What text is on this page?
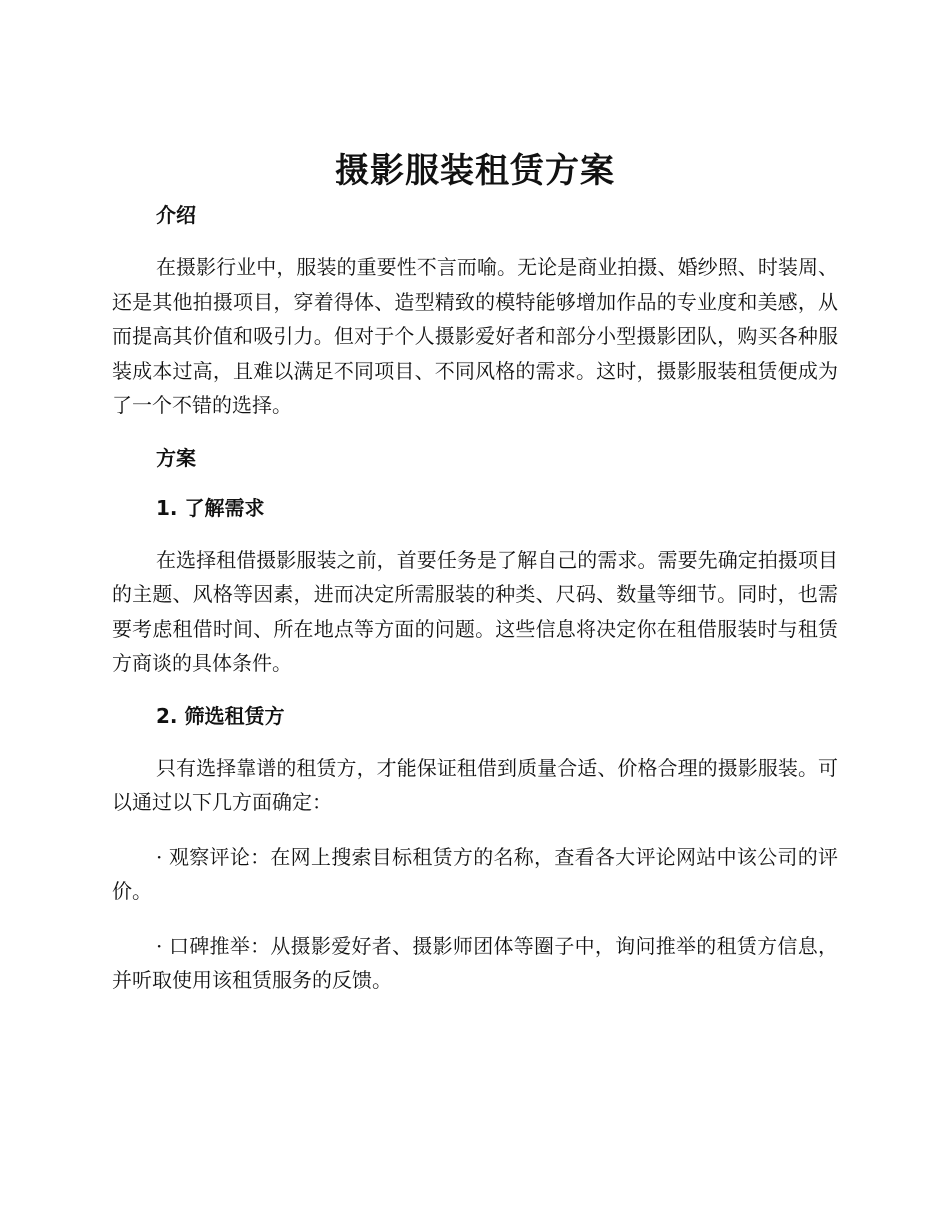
摄影服装租赁方案
介绍

在摄影行业中，服装的重要性不言而喻。无论是商业拍摄、婚纱照、时装周、还是其他拍摄项目，穿着得体、造型精致的模特能够增加作品的专业度和美感，从而提高其价值和吸引力。但对于个人摄影爱好者和部分小型摄影团队，购买各种服装成本过高，且难以满足不同项目、不同风格的需求。这时，摄影服装租赁便成为了一个不错的选择。

方案
1. 了解需求

在选择租借摄影服装之前，首要任务是了解自己的需求。需要先确定拍摄项目的主题、风格等因素，进而决定所需服装的种类、尺码、数量等细节。同时，也需要考虑租借时间、所在地点等方面的问题。这些信息将决定你在租借服装时与租赁方商谈的具体条件。

2. 筛选租赁方

只有选择靠谱的租赁方，才能保证租借到质量合适、价格合理的摄影服装。可以通过以下几方面确定：

· 观察评论：在网上搜索目标租赁方的名称，查看各大评论网站中该公司的评价。

· 口碑推举：从摄影爱好者、摄影师团体等圈子中，询问推举的租赁方信息，并听取使用该租赁服务的反馈。
